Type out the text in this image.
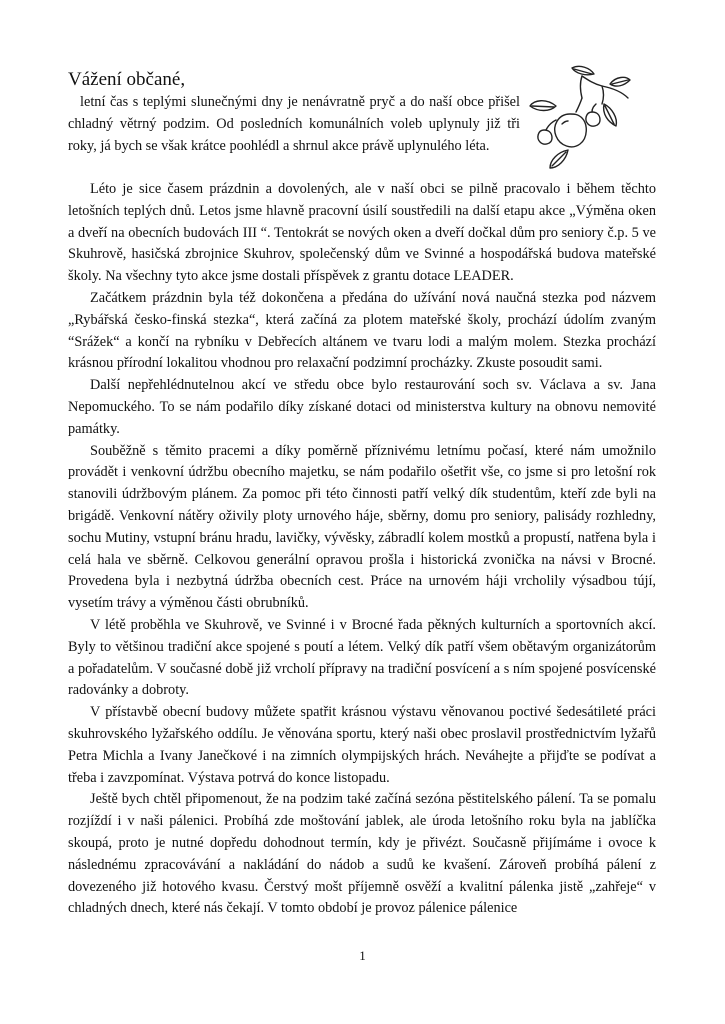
Vážení občané,

letní čas s teplými slunečnými dny je nenávratně pryč a do naší obce přišel chladný větrný podzim. Od posledních komunálních voleb uplynuly již tři roky, já bych se však krátce poohlédl a shrnul akce právě uplynulého léta.

Léto je sice časem prázdnin a dovolených, ale v naší obci se pilně pracovalo i během těchto letošních teplých dnů. Letos jsme hlavně pracovní úsilí soustředili na další etapu akce „Výměna oken a dveří na obecních budovách III “. Tentokrát se nových oken a dveří dočkal dům pro seniory č.p. 5 ve Skuhrově, hasičská zbrojnice Skuhrov, společenský dům ve Svinné a hospodářská budova mateřské školy. Na všechny tyto akce jsme dostali příspěvek z grantu dotace LEADER.

Začátkem prázdnin byla též dokončena a předána do užívání nová naučná stezka pod názvem „Rybářská česko-finská stezka“, která začíná za plotem mateřské školy, prochází údolím zvaným “Srážek“ a končí na rybníku v Debřecích altánem ve tvaru lodi a malým molem. Stezka prochází krásnou přírodní lokalitou vhodnou pro relaxační podzimní procházky. Zkuste posoudit sami.

Další nepřehlédnutelnou akcí ve středu obce bylo restaurování soch sv. Václava a sv. Jana Nepomuckého. To se nám podařilo díky získané dotaci od ministerstva kultury na obnovu nemovité památky.

Souběžně s těmito pracemi a díky poměrně příznivému letnímu počasí, které nám umožnilo provádět i venkovní údržbu obecního majetku, se nám podařilo ošetřit vše, co jsme si pro letošní rok stanovili údržbovým plánem. Za pomoc při této činnosti patří velký dík studentům, kteří zde byli na brigádě. Venkovní nátěry oživily ploty urnového háje, sběrny, domu pro seniory, palisády rozhledny, sochu Mutiny, vstupní bránu hradu, lavičky, vývěsky, zábradlí kolem mostků a propustí, natřena byla i celá hala ve sběrně. Celkovou generální opravou prošla i historická zvonička na návsi v Brocné. Provedena byla i nezbytná údržba obecních cest. Práce na urnovém háji vrcholily výsadbou tújí, vysetím trávy a výměnou části obrubníků.

V létě proběhla ve Skuhrově, ve Svinné i v Brocné řada pěkných kulturních a sportovních akcí. Byly to většinou tradiční akce spojené s poutí a létem. Velký dík patří všem obětavým organizátorům a pořadatelům. V současné době již vrcholí přípravy na tradiční posvícení a s ním spojené posvícenské radovánky a dobroty.

V přístavbě obecní budovy můžete spatřit krásnou výstavu věnovanou poctivé šedesátileté práci skuhrovského lyžařského oddílu. Je věnována sportu, který naši obec proslavil prostřednictvím lyžařů Petra Michla a Ivany Janečkové i na zimních olympijských hrách. Neváhejte a přijďte se podívat a třeba i zavzpomínat. Výstava potrvá do konce listopadu.

Ještě bych chtěl připomenout, že na podzim také začíná sezóna pěstitelského pálení. Ta se pomalu rozjíždí i v naši pálenici. Probíhá zde moštování jablek, ale úroda letošního roku byla na jablíčka skoupá, proto je nutné dopředu dohodnout termín, kdy je přivézt. Současně přijímáme i ovoce k následnému zpracovávání a nakládání do nádob a sudů ke kvašení. Zároveň probíhá pálení z dovezeného již hotového kvasu. Čerstvý mošt příjemně osvěží a kvalitní pálenka jistě „zahřeje“ v chladných dnech, které nás čekají. V tomto období je provoz pálenice pálenice

1
